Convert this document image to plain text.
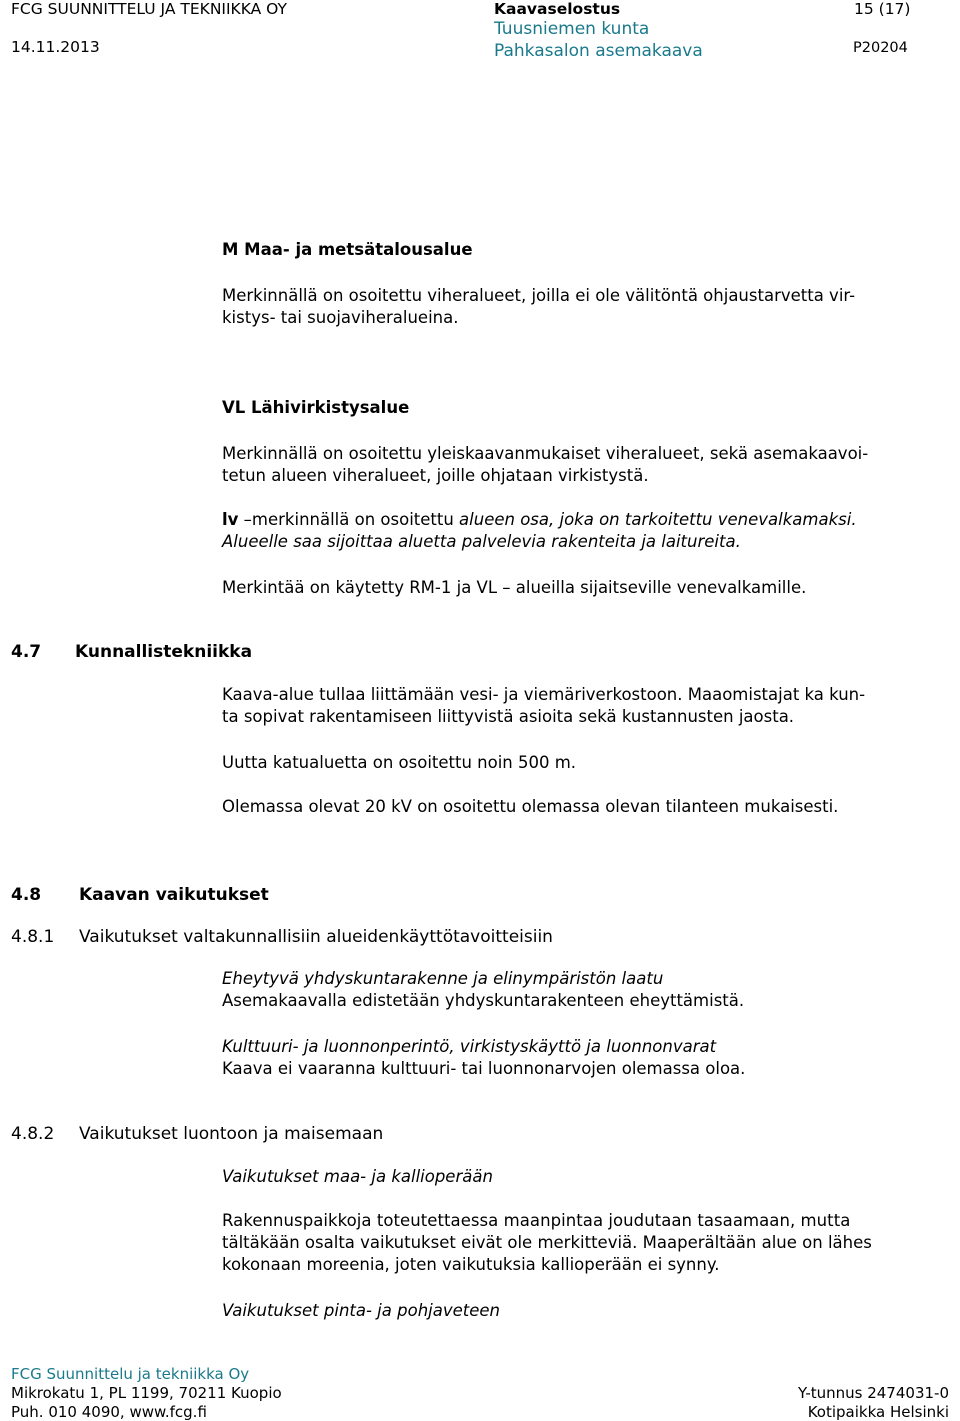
FCG SUUNNITTELU JA TEKNIIKKA OY
14.11.2013
Kaavaselostus
Tuusniemen kunta
Pahkasalon asemakaava
15 (17)
P20204
M Maa- ja metsätalousalue
Merkinnällä on osoitettu viheralueet, joilla ei ole välitöntä ohjaustarvetta vir-
kistys- tai suojaviheralueina.
VL Lähivirkistysalue
Merkinnällä on osoitettu yleiskaavanmukaiset viheralueet, sekä asemakaavoi-
tetun alueen viheralueet, joille ohjataan virkistystä.
lv –merkinnällä on osoitettu alueen osa, joka on tarkoitettu venevalkamaksi.
Alueelle saa sijoittaa aluetta palvelevia rakenteita ja laitureita.
Merkintää on käytetty RM-1 ja VL – alueilla sijaitseville venevalkamille.
4.7 Kunnallistekniikka
Kaava-alue tullaa liittämään vesi- ja viemäriverkostoon. Maaomistajat ka kun-
ta sopivat rakentamiseen liittyvistä asioita sekä kustannusten jaosta.
Uutta katualuetta on osoitettu noin 500 m.
Olemassa olevat 20 kV on osoitettu olemassa olevan tilanteen mukaisesti.
4.8 Kaavan vaikutukset
4.8.1 Vaikutukset valtakunnallisiin alueidenkäyttötavoitteisiin
Eheytyvä yhdyskuntarakenne ja elinympäristön laatu
Asemakaavalla edistetään yhdyskuntarakenteen eheyttämistä.
Kulttuuri- ja luonnonperintö, virkistyskäyttö ja luonnonvarat
Kaava ei vaaranna kulttuuri- tai luonnonarvojen olemassa oloa.
4.8.2 Vaikutukset luontoon ja maisemaan
Vaikutukset maa- ja kallioperään
Rakennuspaikkoja toteutettaessa maanpintaa joudutaan tasaamaan, mutta
tältäkään osalta vaikutukset eivät ole merkitteviä. Maaperältään alue on lähes
kokonaan moreenia, joten vaikutuksia kallioperään ei synny.
Vaikutukset pinta- ja pohjaveteen
FCG Suunnittelu ja tekniikka Oy
Mikrokatu 1, PL 1199, 70211 Kuopio
Puh. 010 4090, www.fcg.fi
Y-tunnus 2474031-0
Kotipaikka Helsinki
